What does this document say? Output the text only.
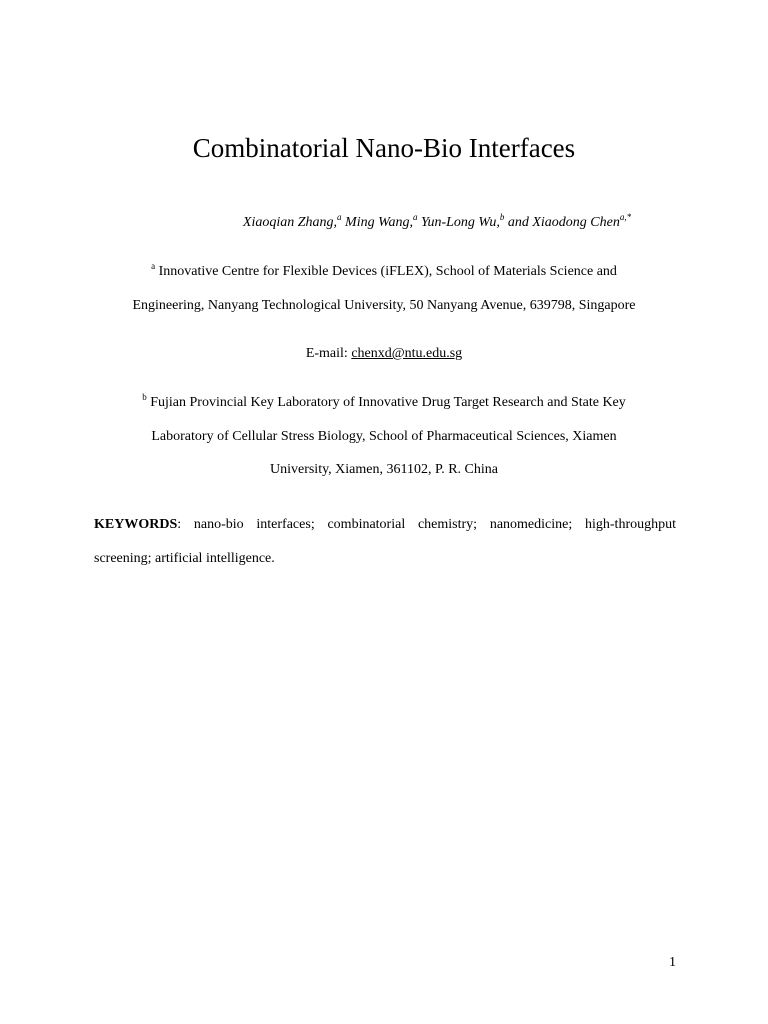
Combinatorial Nano-Bio Interfaces
Xiaoqian Zhang,$^a$ Ming Wang,$^a$ Yun-Long Wu,$^b$ and Xiaodong Chen$^{a,*}$
$^a$ Innovative Centre for Flexible Devices (iFLEX), School of Materials Science and
Engineering, Nanyang Technological University, 50 Nanyang Avenue, 639798, Singapore
E-mail: chenxd@ntu.edu.sg
$^b$ Fujian Provincial Key Laboratory of Innovative Drug Target Research and State Key
Laboratory of Cellular Stress Biology, School of Pharmaceutical Sciences, Xiamen
University, Xiamen, 361102, P. R. China
KEYWORDS: nano-bio interfaces; combinatorial chemistry; nanomedicine; high-throughput screening; artificial intelligence.
1
